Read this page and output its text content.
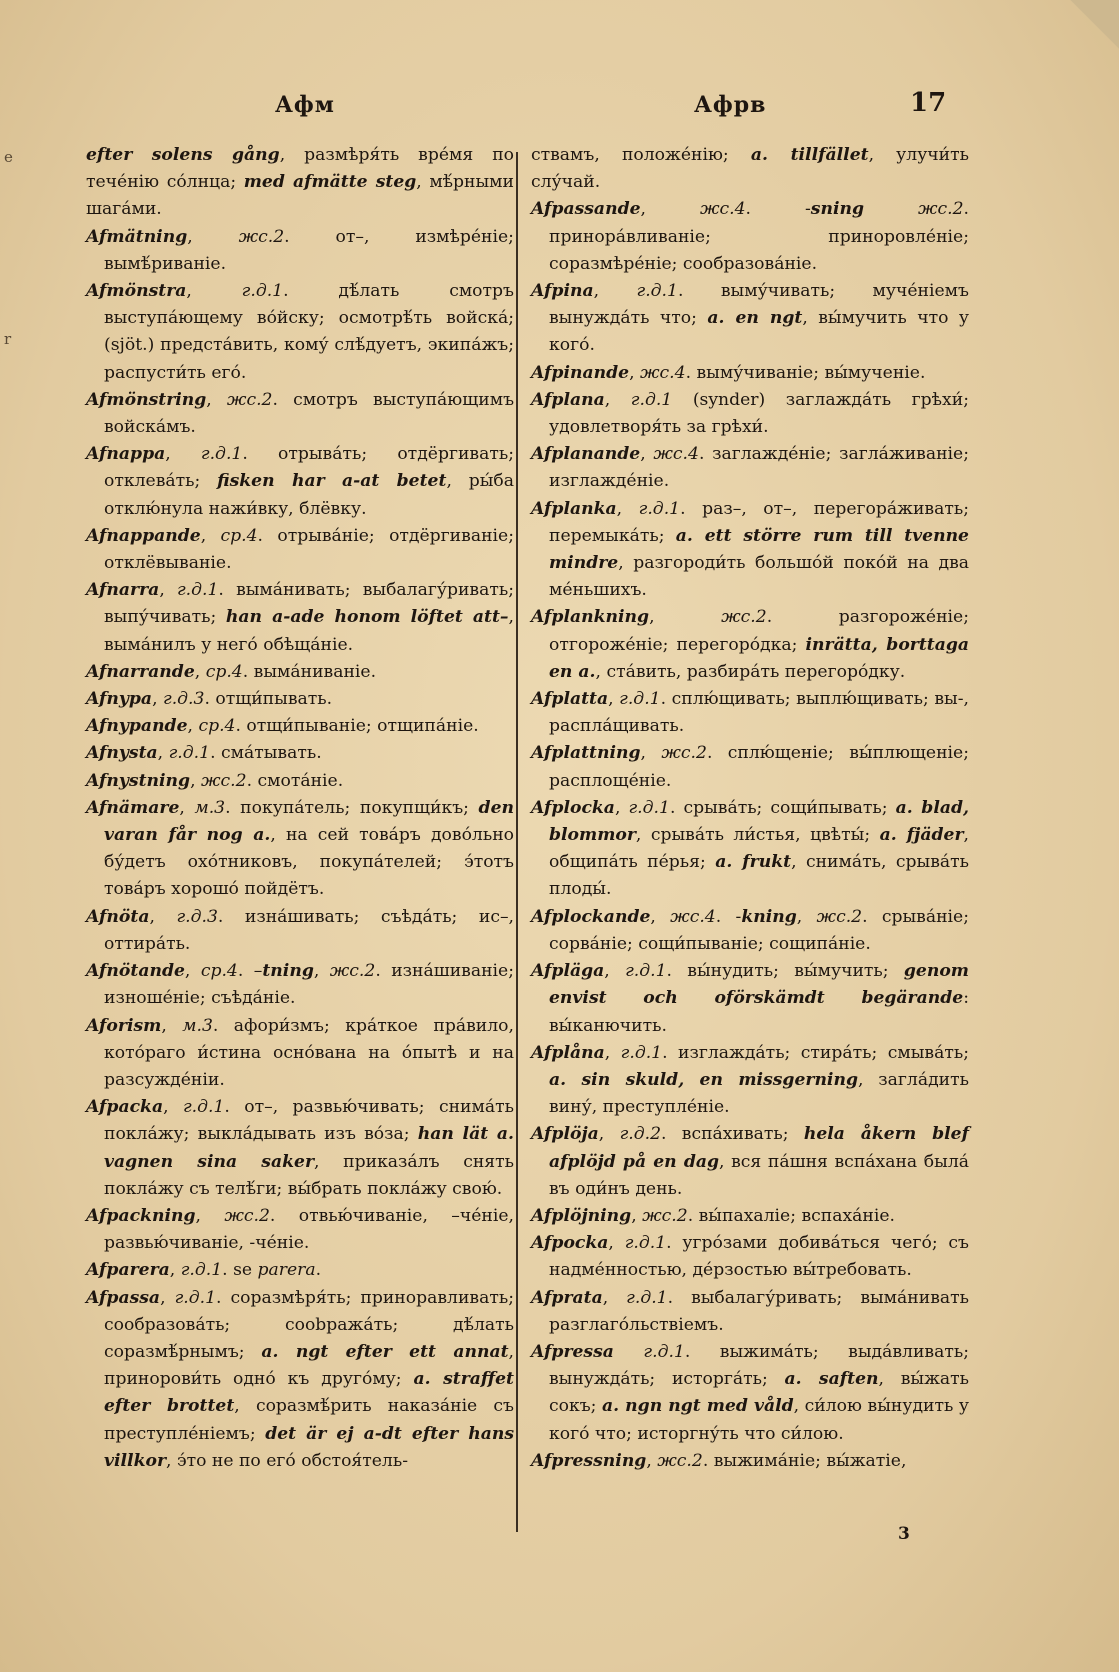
e
r
Афм	Афрв	17

efter solens gång, размѣря́ть вре́мя по тече́нію со́лнца; med afmätte steg, мѣ́рными шага́ми.

Afmätning, жс.2. от–, измѣре́ніе; вымѣ́риваніе.

Afmönstra, г.д.1. дѣ́лать смотръ выступа́ющему во́йску; осмотрѣ́ть войска́; (sjöt.) предста́вить, кому́ слѣ́дуетъ, экипа́жъ; распусти́ть его́.

Afmönstring, жс.2. смотръ выступа́ющимъ войска́мъ.

Afnappa, г.д.1. отрыва́ть; отдёргивать; отклева́ть; fisken har a-at betet, ры́ба отклю́нула нажи́вку, блёвку.

Afnappande, ср.4. отрыва́ніе; отдёргиваніе; отклёвываніе.

Afnarra, г.д.1. выма́нивать; выбалагу́ривать; выпу́чивать; han a-ade honom löftet att–, выма́нилъ у него́ обѣща́ніе.

Afnarrande, ср.4. выма́ниваніе.

Afnypa, г.д.3. отщи́пывать.

Afnypande, ср.4. отщи́пываніе; отщипа́ніе.

Afnysta, г.д.1. сма́тывать.

Afnystning, жс.2. смота́ніе.

Afnämare, м.3. покупа́тель; покупщи́къ; den varan får nog a., на сей това́ръ дово́льно бу́детъ охо́тниковъ, покупа́телей; э́тотъ това́ръ хорошо́ пойдётъ.

Afnöta, г.д.3. изна́шивать; съѣда́ть; ис–, оттира́ть.

Afnötande, ср.4. –tning, жс.2. изна́шиваніе; изноше́ніе; съѣда́ніе.

Aforism, м.3. афори́змъ; кра́ткое пра́вило, кото́раго и́стина осно́вана на о́пытѣ и на разсужде́ніи.

Afpacka, г.д.1. от–, развью́чивать; снима́ть покла́жу; выкла́дывать изъ во́за; han lät a. vagnen sina saker, приказа́лъ снять покла́жу съ телѣ́ги; вы́брать покла́жу свою́.

Afpackning, жс.2. отвью́чиваніе, –че́ніе, развью́чиваніе, -че́ніе.

Afparera, г.д.1. se parera.

Afpassa, г.д.1. соразмѣря́ть; приноравливать; сообразова́ть; соobража́ть; дѣ́лать соразмѣ́рнымъ; a. ngt efter ett annat, принорови́ть одно́ къ друго́му; a. straffet efter brottet, соразмѣ́рить наказа́ніе съ преступле́ніемъ; det är ej a-dt efter hans villkor, э́то не по его́ обстоя́тель-

ствамъ, положе́нію; a. tillfället, улучи́ть слу́чай.

Afpassande, жс.4. -sning	жс.2. принора́вливаніе; приноровле́ніе; соразмѣре́ніе; сообразова́ніе.

Afpina, г.д.1. выму́чивать; муче́ніемъ вынужда́ть что; a. en ngt, вы́мучить что у кого́.

Afpinande, жс.4. выму́чиваніе; вы́мученіе.

Afplana, г.д.1 (synder) заглажда́ть грѣхи́; удовлетворя́ть за грѣхи́.

Afplanande, жс.4. заглажде́ніе; загла́живаніе; изглажде́ніе.

Afplanka, г.д.1. раз–, от–, перегора́живать; перемыка́ть; a. ett större rum till tvenne mindre, разгороди́ть большо́й поко́й на два ме́ньшихъ.

Afplankning, жс.2. разгороже́ніе; отгороже́ніе; перегоро́дка; inrätta, borttaga en a., ста́вить, разбира́ть перегоро́дку.

Afplatta, г.д.1. сплю́щивать; выплю́щивать; вы-, распла́щивать.

Afplattning, жс.2. сплю́щеніе; вы́плющеніе; расплоще́ніе.

Afplocka, г.д.1. срыва́ть; сощи́пывать; a. blad, blommor, срыва́ть ли́стья, цвѣты́; a. fjäder, общипа́ть пе́рья; a. frukt, снима́ть, срыва́ть плоды́.

Afplockande, жс.4. -kning, жс.2. срыва́ніе; сорва́ніе; сощи́пываніе; сощипа́ніе.

Afpläga, г.д.1. вы́нудить; вы́мучить; genom envist och oförskämdt begärande: вы́канючить.

Afplåna, г.д.1. изглажда́ть; стира́ть; смыва́ть; a. sin skuld, en missgerning, загла́дить вину́, преступле́ніе.

Afplöja, г.д.2. вспа́хивать; hela åkern blef afplöjd på en dag, вся па́шня вспа́хана была́ въ оди́нъ день.

Afplöjning, жс.2. вы́пахаліе; вспаха́ніе.

Afpocka, г.д.1. угро́зами добива́ться чего́; съ надме́нностью, де́рзостью вы́требовать.

Afprata, г.д.1. выбалагу́ривать; выма́нивать разглаго́льствіемъ.

Afpressa г.д.1. выжима́ть; выда́вливать; вынужда́ть; исторга́ть; a. saften, вы́жать сокъ; a. ngn ngt med våld, си́лою вы́нудить у кого́ что; исторгну́ть что си́лою.

Afpressning, жс.2. выжима́ніе; вы́жатіе,

3
